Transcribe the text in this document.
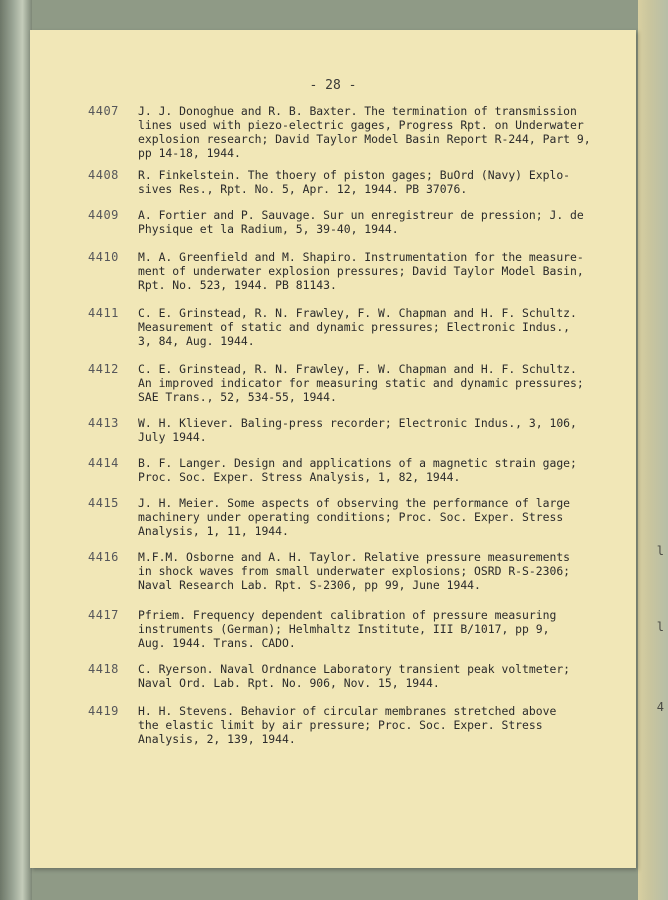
l
l
4
- 28 -
4407 J. J. Donoghue and R. B. Baxter. The termination of transmission
lines used with piezo-electric gages, Progress Rpt. on Underwater
explosion research; David Taylor Model Basin Report R-244, Part 9,
pp 14-18, 1944.
4408 R. Finkelstein. The thoery of piston gages; BuOrd (Navy) Explo-
sives Res., Rpt. No. 5, Apr. 12, 1944. PB 37076.
4409 A. Fortier and P. Sauvage. Sur un enregistreur de pression; J. de
Physique et la Radium, 5, 39-40, 1944.
4410 M. A. Greenfield and M. Shapiro. Instrumentation for the measure-
ment of underwater explosion pressures; David Taylor Model Basin,
Rpt. No. 523, 1944. PB 81143.
4411 C. E. Grinstead, R. N. Frawley, F. W. Chapman and H. F. Schultz.
Measurement of static and dynamic pressures; Electronic Indus.,
3, 84, Aug. 1944.
4412 C. E. Grinstead, R. N. Frawley, F. W. Chapman and H. F. Schultz.
An improved indicator for measuring static and dynamic pressures;
SAE Trans., 52, 534-55, 1944.
4413 W. H. Kliever. Baling-press recorder; Electronic Indus., 3, 106,
July 1944.
4414 B. F. Langer. Design and applications of a magnetic strain gage;
Proc. Soc. Exper. Stress Analysis, 1, 82, 1944.
4415 J. H. Meier. Some aspects of observing the performance of large
machinery under operating conditions; Proc. Soc. Exper. Stress
Analysis, 1, 11, 1944.
4416 M.F.M. Osborne and A. H. Taylor. Relative pressure measurements
in shock waves from small underwater explosions; OSRD R-S-2306;
Naval Research Lab. Rpt. S-2306, pp 99, June 1944.
4417 Pfriem. Frequency dependent calibration of pressure measuring
instruments (German); Helmhaltz Institute, III B/1017, pp 9,
Aug. 1944. Trans. CADO.
4418 C. Ryerson. Naval Ordnance Laboratory transient peak voltmeter;
Naval Ord. Lab. Rpt. No. 906, Nov. 15, 1944.
4419 H. H. Stevens. Behavior of circular membranes stretched above
the elastic limit by air pressure; Proc. Soc. Exper. Stress
Analysis, 2, 139, 1944.
